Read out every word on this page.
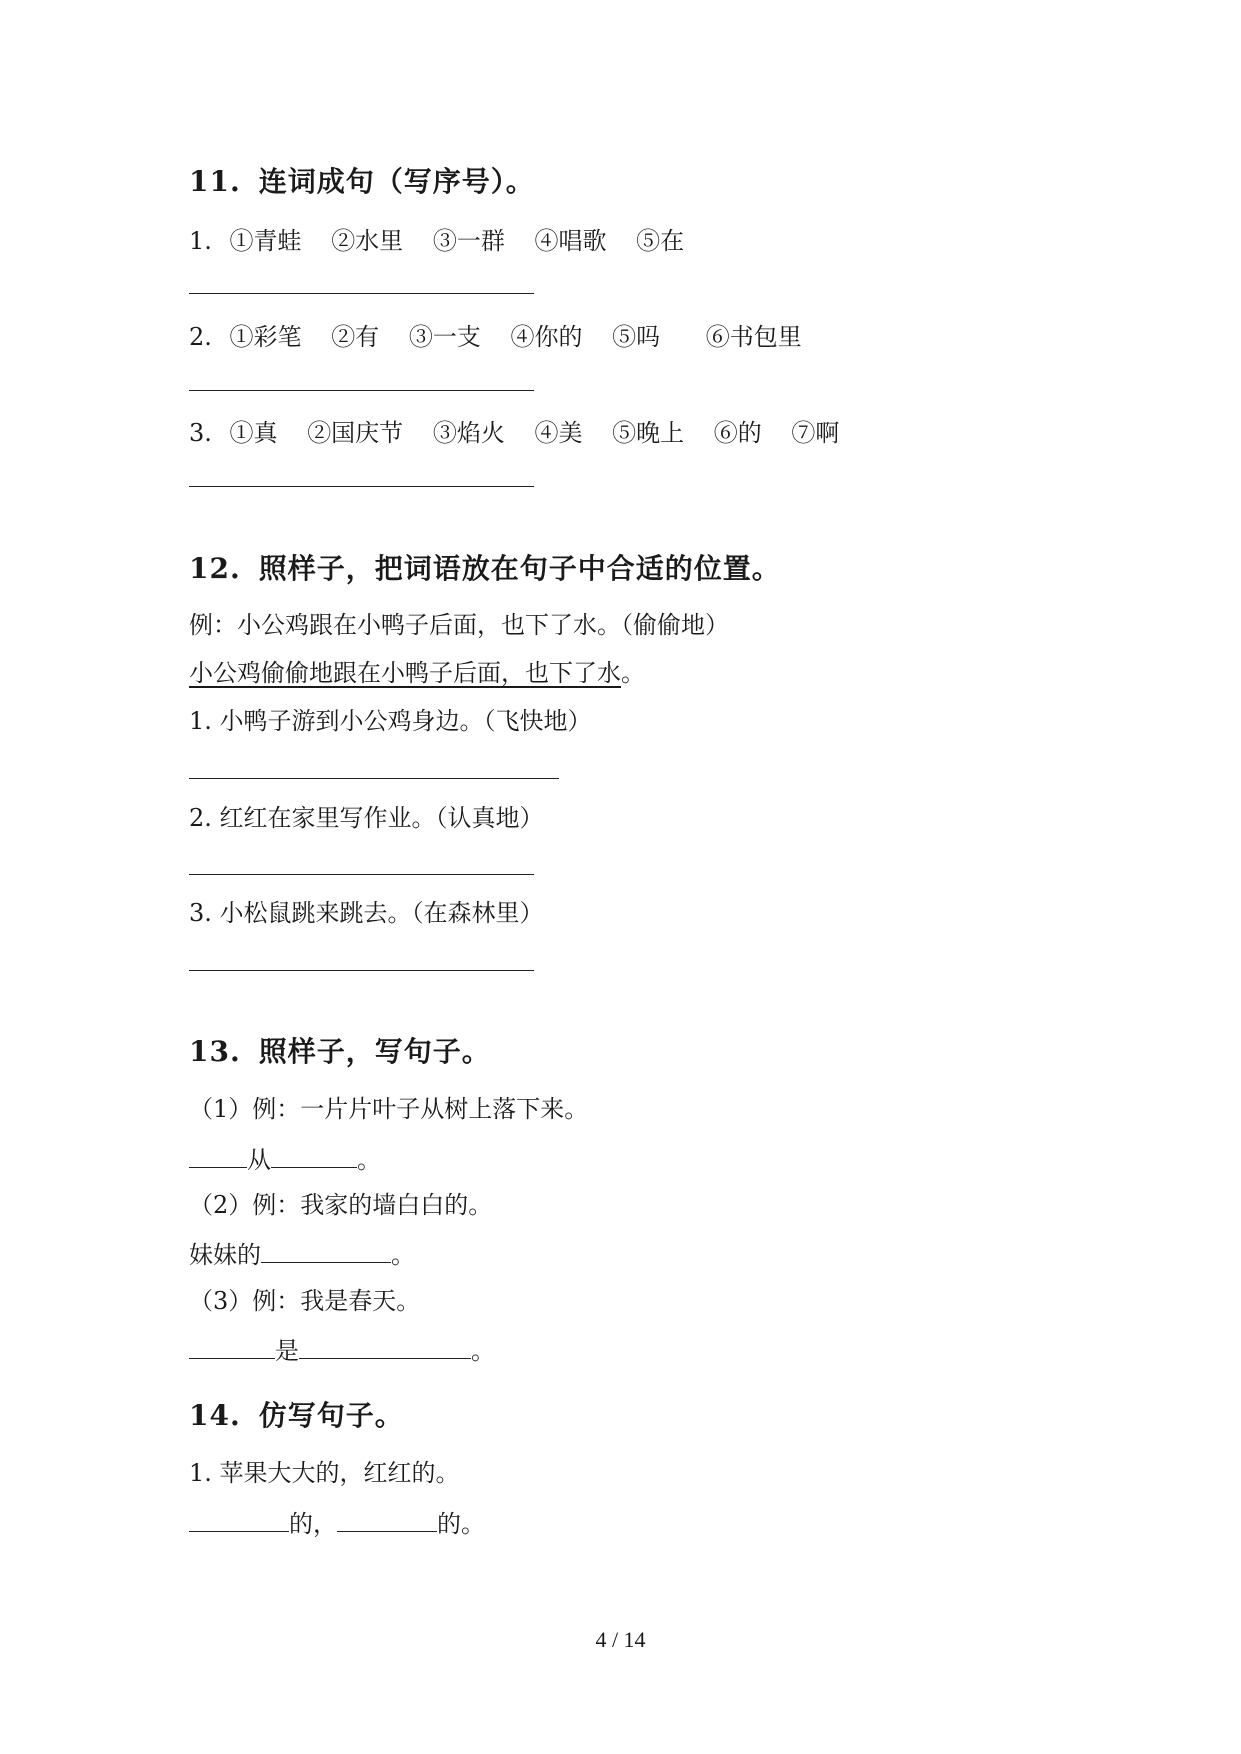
11. 连词成句（写序号）。
1. ①青蛙 ②水里 ③一群 ④唱歌 ⑤在
2. ①彩笔 ②有 ③一支 ④你的 ⑤吗 ⑥书包里
3. ①真 ②国庆节 ③焰火 ④美 ⑤晚上 ⑥的 ⑦啊
12. 照样子，把词语放在句子中合适的位置。
例：小公鸡跟在小鸭子后面，也下了水。（偷偷地）
小公鸡偷偷地跟在小鸭子后面，也下了水。
1. 小鸭子游到小公鸡身边。（飞快地）
2. 红红在家里写作业。（认真地）
3. 小松鼠跳来跳去。（在森林里）
13. 照样子，写句子。
（1）例：一片片叶子从树上落下来。
从	。
（2）例：我家的墙白白的。
妹妹的	。
（3）例：我是春天。
是	。
14. 仿写句子。
1. 苹果大大的，红红的。
的，	的。
4 / 14
